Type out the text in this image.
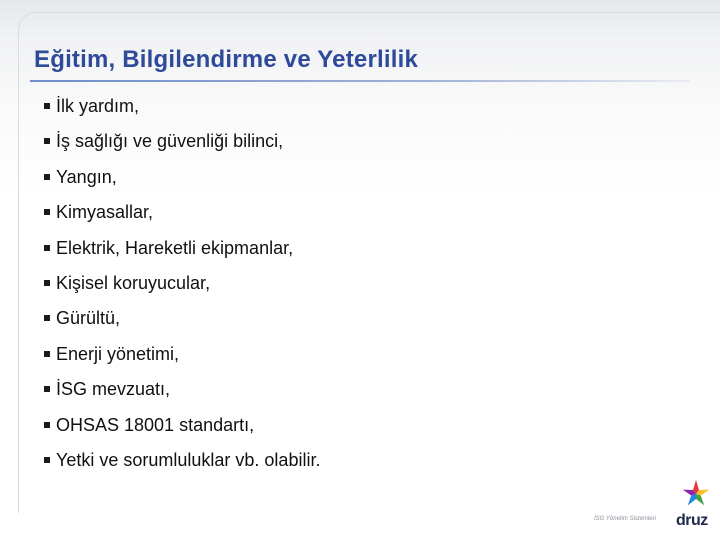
Eğitim, Bilgilendirme ve Yeterlilik
İlk yardım,
İş sağlığı ve güvenliği bilinci,
Yangın,
Kimyasallar,
Elektrik, Hareketli ekipmanlar,
Kişisel koruyucular,
Gürültü,
Enerji yönetimi,
İSG mevzuatı,
OHSAS 18001 standartı,
Yetki ve sorumluluklar vb. olabilir.
İSG Yönetim Sistemleri druz
